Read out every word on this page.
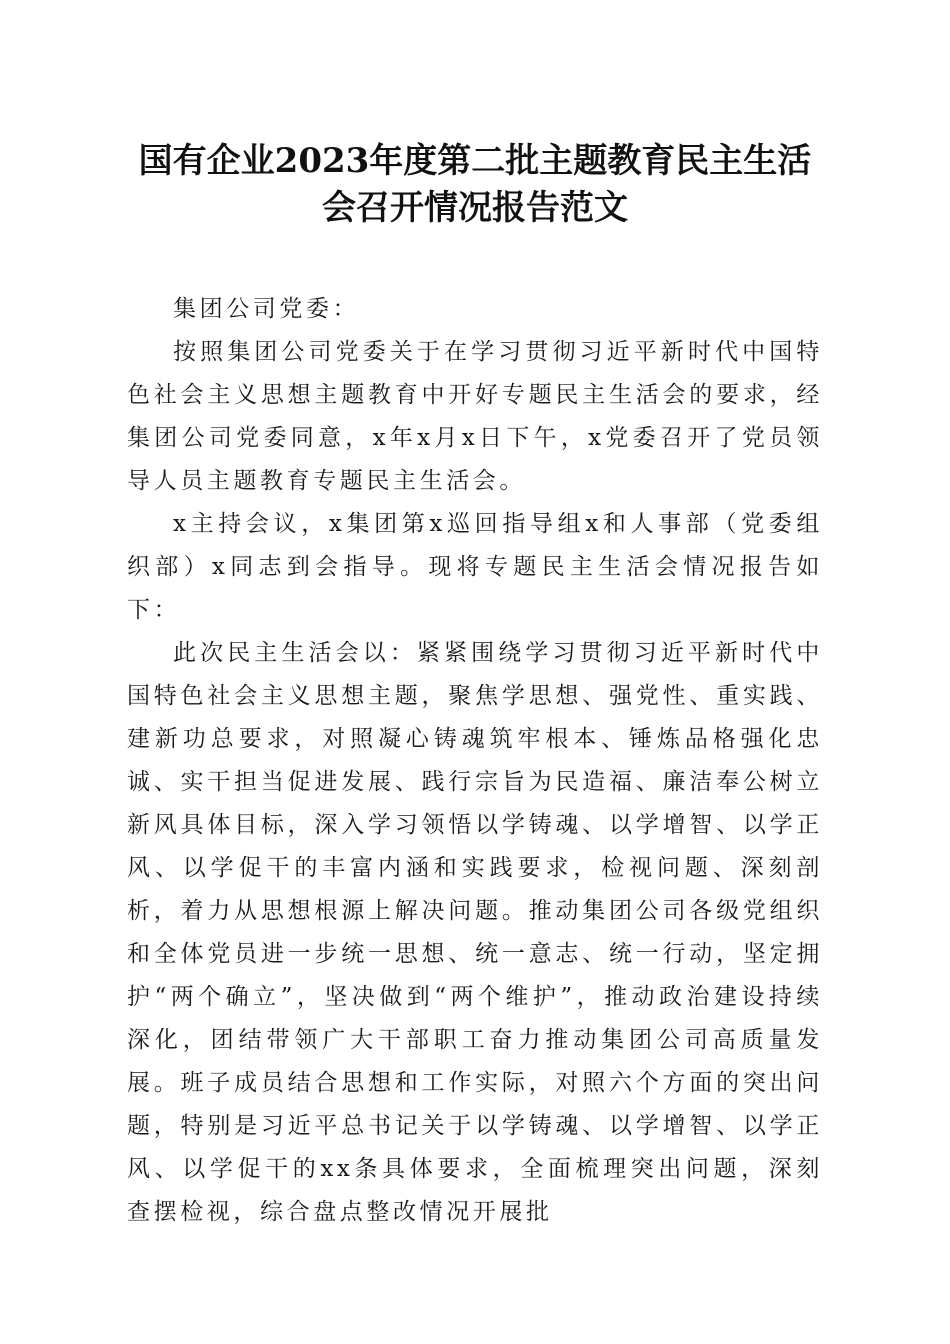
国有企业2023年度第二批主题教育民主生活会召开情况报告范文

集团公司党委：

按照集团公司党委关于在学习贯彻习近平新时代中国特色社会主义思想主题教育中开好专题民主生活会的要求，经集团公司党委同意，x年x月x日下午，x党委召开了党员领导人员主题教育专题民主生活会。

x主持会议，x集团第x巡回指导组x和人事部（党委组织部）x同志到会指导。现将专题民主生活会情况报告如下：

此次民主生活会以：紧紧围绕学习贯彻习近平新时代中国特色社会主义思想主题，聚焦学思想、强党性、重实践、建新功总要求，对照凝心铸魂筑牢根本、锤炼品格强化忠诚、实干担当促进发展、践行宗旨为民造福、廉洁奉公树立新风具体目标，深入学习领悟以学铸魂、以学增智、以学正风、以学促干的丰富内涵和实践要求，检视问题、深刻剖析，着力从思想根源上解决问题。推动集团公司各级党组织和全体党员进一步统一思想、统一意志、统一行动，坚定拥护“两个确立”，坚决做到“两个维护”，推动政治建设持续深化，团结带领广大干部职工奋力推动集团公司高质量发展。班子成员结合思想和工作实际，对照六个方面的突出问题，特别是习近平总书记关于以学铸魂、以学增智、以学正风、以学促干的xx条具体要求，全面梳理突出问题，深刻查摆检视，综合盘点整改情况开展批
